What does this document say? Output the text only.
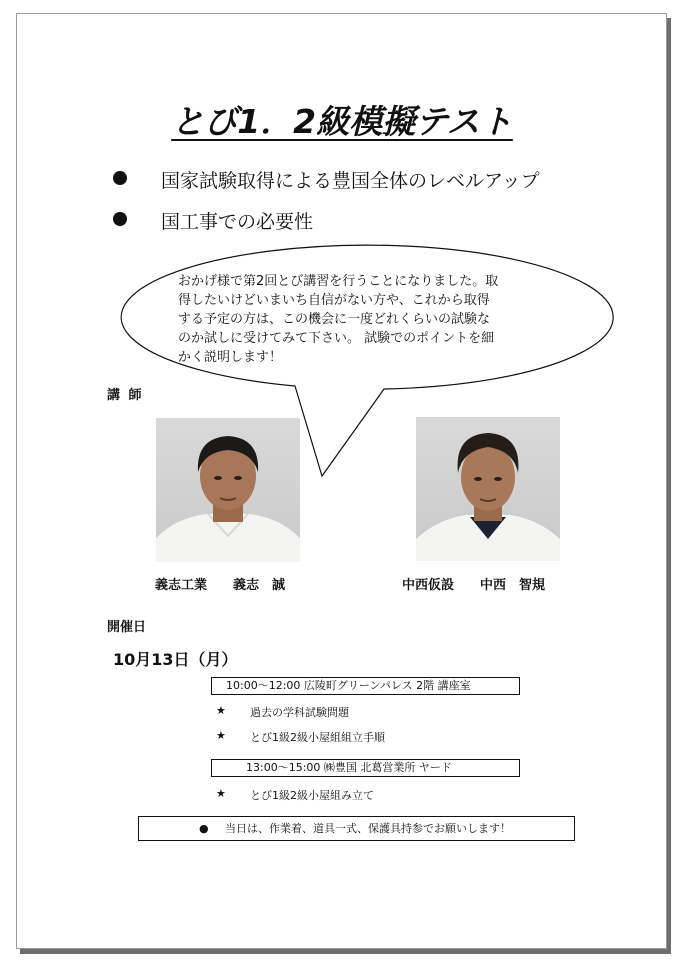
とび1．2級模擬テスト
国家試験取得による豊国全体のレベルアップ
国工事での必要性
おかげ様で第2回とび講習を行うことになりました。取
得したいけどいまいち自信がない方や、これから取得
する予定の方は、この機会に一度どれくらいの試験な
のか試しに受けてみて下さい。 試験でのポイントを細
かく説明します！
講 師
義志工業　　義志　誠	中西仮設　　中西　智規
開催日
10月13日（月）
10:00～12:00 広陵町グリーンパレス 2階 講座室
★ 過去の学科試験問題
★ とび1級2級小屋組組立手順
13:00～15:00 ㈱豊国 北葛営業所 ヤード
★ とび1級2級小屋組み立て
● 当日は、作業着、道具一式、保護具持参でお願いします！
